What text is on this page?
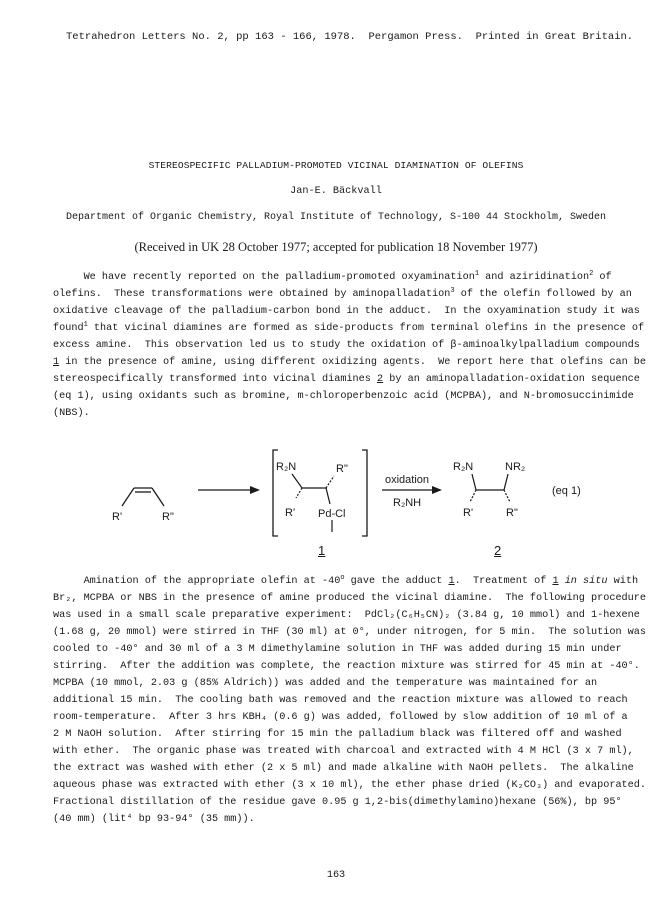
Tetrahedron Letters No. 2, pp 163 - 166, 1978.  Pergamon Press.  Printed in Great Britain.
STEREOSPECIFIC PALLADIUM-PROMOTED VICINAL DIAMINATION OF OLEFINS
Jan-E. Bäckvall
Department of Organic Chemistry, Royal Institute of Technology, S-100 44 Stockholm, Sweden
(Received in UK 28 October 1977; accepted for publication 18 November 1977)
We have recently reported on the palladium-promoted oxyamination$^1$ and aziridination$^2$ of
olefins.  These transformations were obtained by aminopalladation$^3$ of the olefin followed by an
oxidative cleavage of the palladium-carbon bond in the adduct.  In the oxyamination study it was
found$^1$ that vicinal diamines are formed as side-products from terminal olefins in the presence of
excess amine.  This observation led us to study the oxidation of β-aminoalkylpalladium compounds
1 in the presence of amine, using different oxidizing agents.  We report here that olefins can be
stereospecifically transformed into vicinal diamines 2 by an aminopalladation-oxidation sequence
(eq 1), using oxidants such as bromine, m-chloroperbenzoic acid (MCPBA), and N-bromosuccinimide
(NBS).
R'	R"
R₂N	R"
R' Pd-Cl
oxidation
R₂NH
R₂N	NR₂
R'	R"
(eq 1)
1	2
Amination of the appropriate olefin at -40$^o$ gave the adduct 1.  Treatment of 1 in situ with
Br₂, MCPBA or NBS in the presence of amine produced the vicinal diamine.  The following procedure
was used in a small scale preparative experiment:  PdCl₂(C₆H₅CN)₂ (3.84 g, 10 mmol) and 1-hexene
(1.68 g, 20 mmol) were stirred in THF (30 ml) at 0°, under nitrogen, for 5 min.  The solution was
cooled to -40° and 30 ml of a 3 M dimethylamine solution in THF was added during 15 min under
stirring.  After the addition was complete, the reaction mixture was stirred for 45 min at -40°.
MCPBA (10 mmol, 2.03 g (85% Aldrich)) was added and the temperature was maintained for an
additional 15 min.  The cooling bath was removed and the reaction mixture was allowed to reach
room-temperature.  After 3 hrs KBH₄ (0.6 g) was added, followed by slow addition of 10 ml of a
2 M NaOH solution.  After stirring for 15 min the palladium black was filtered off and washed
with ether.  The organic phase was treated with charcoal and extracted with 4 M HCl (3 x 7 ml),
the extract was washed with ether (2 x 5 ml) and made alkaline with NaOH pellets.  The alkaline
aqueous phase was extracted with ether (3 x 10 ml), the ether phase dried (K₂CO₃) and evaporated.
Fractional distillation of the residue gave 0.95 g 1,2-bis(dimethylamino)hexane (56%), bp 95°
(40 mm) (lit⁴ bp 93-94° (35 mm)).
163
